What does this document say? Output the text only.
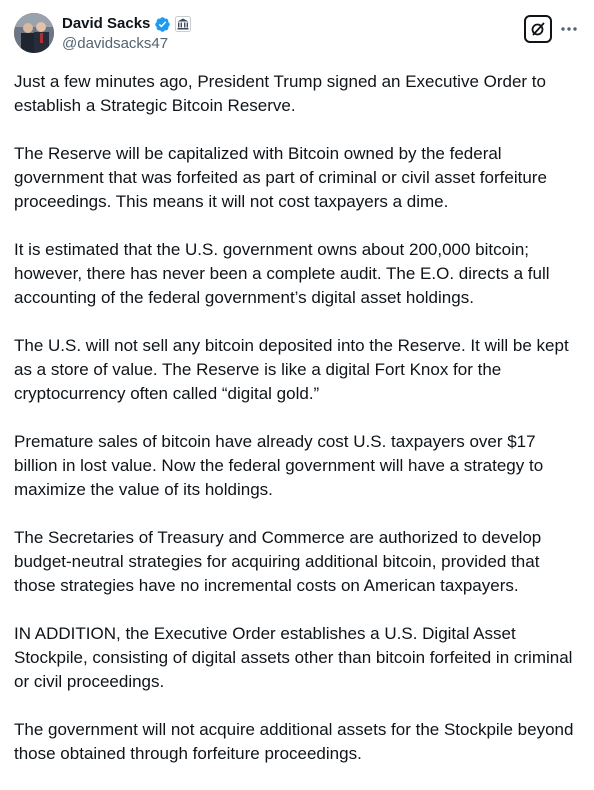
David Sacks
@davidsacks47

Just a few minutes ago, President Trump signed an Executive Order to establish a Strategic Bitcoin Reserve.

The Reserve will be capitalized with Bitcoin owned by the federal government that was forfeited as part of criminal or civil asset forfeiture proceedings. This means it will not cost taxpayers a dime.

It is estimated that the U.S. government owns about 200,000 bitcoin; however, there has never been a complete audit. The E.O. directs a full accounting of the federal government’s digital asset holdings.

The U.S. will not sell any bitcoin deposited into the Reserve. It will be kept as a store of value. The Reserve is like a digital Fort Knox for the cryptocurrency often called “digital gold.”

Premature sales of bitcoin have already cost U.S. taxpayers over $17 billion in lost value. Now the federal government will have a strategy to maximize the value of its holdings.

The Secretaries of Treasury and Commerce are authorized to develop budget-neutral strategies for acquiring additional bitcoin, provided that those strategies have no incremental costs on American taxpayers.

IN ADDITION, the Executive Order establishes a U.S. Digital Asset Stockpile, consisting of digital assets other than bitcoin forfeited in criminal or civil proceedings.

The government will not acquire additional assets for the Stockpile beyond those obtained through forfeiture proceedings.
